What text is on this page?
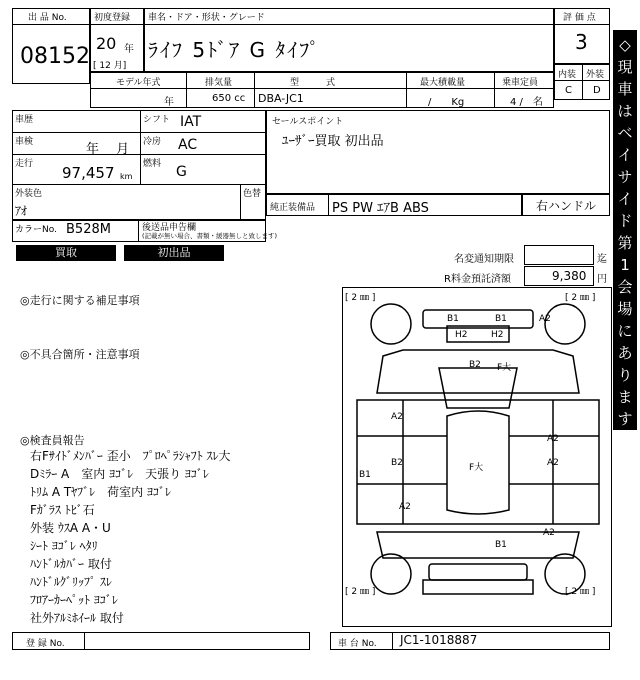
出 品 No.
08152
初度登録
20 年
[ 12 月]
車名・ドア・形状・グレード
ﾗｲﾌ 5ﾄﾞｱ G ﾀｲﾌﾟ
評 価 点
3
内装 外装
C D
モデル年式	排気量	型　　　式	最大積載量	乗車定員
年	650 cc DBA-JC1	/　　Kg	4 /　名
車歴	シフト IAT
車検	年　 月 冷房 AC
走行 97,457 km
燃料 G
外装色
ｱｵ
色替
カラーNo. B528M	後送品申告欄
(記載が無い場合、書類・緩器無しと致します)
セールスポイント
ﾕｰｻﾞｰ買取 初出品
純正装備品 PS PW ｴｱB ABS	右ハンドル
買取	初出品
名変通知期限	迄
R料金預託済額	9,380 円
◎走行に関する補足事項
◎不具合箇所・注意事項
◎検査員報告
右Fｻｲﾄﾞﾒﾝﾊﾞｰ 歪小　ﾌﾟﾛﾍﾟﾗｼｬﾌﾄ ｽﾚ大
Dﾐﾗｰ A　室内 ﾖｺﾞﾚ　天張り ﾖｺﾞﾚ
ﾄﾘﾑ A Tﾔﾌﾞﾚ　荷室内 ﾖｺﾞﾚ
Fｶﾞﾗｽ ﾄﾋﾞ石
外装 ｳｽA A・U
ｼｰﾄ ﾖｺﾞﾚ ﾍﾀﾘ
ﾊﾝﾄﾞﾙｶﾊﾞｰ 取付
ﾊﾝﾄﾞﾙｸﾞﾘｯﾌﾟ ｽﾚ
ﾌﾛｱｰｶｰﾍﾟｯﾄ ﾖｺﾞﾚ
社外ｱﾙﾐﾎｲｰﾙ 取付
[ 2 ㎜ ]	[ 2 ㎜ ]
[ 2 ㎜ ]	[ 2 ㎜ ]
B1	B1	A2
H2	H2
B2 F大
A2
A2
B2	F大	A2
B1
A2
A2
B1
◇現車はベイサイド第1会場にあります◇
登 録 No.	車 台 No. JC1-1018887
